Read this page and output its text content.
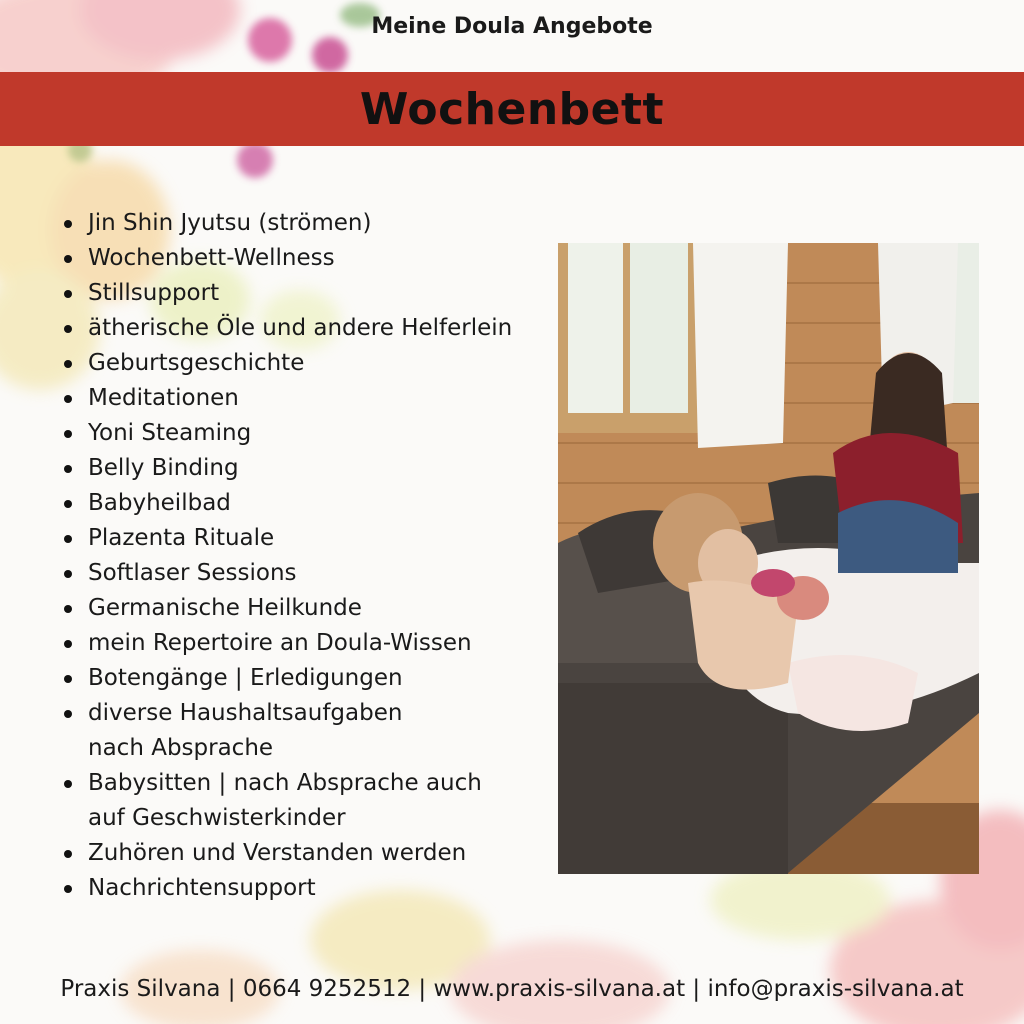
Meine Doula Angebote
Wochenbett
Jin Shin Jyutsu (strömen)
Wochenbett-Wellness
Stillsupport
ätherische Öle und andere Helferlein
Geburtsgeschichte
Meditationen
Yoni Steaming
Belly Binding
Babyheilbad
Plazenta Rituale
Softlaser Sessions
Germanische Heilkunde
mein Repertoire an Doula-Wissen
Botengänge | Erledigungen
diverse Haushaltsaufgaben nach Absprache
Babysitten | nach Absprache auch auf Geschwisterkinder
Zuhören und Verstanden werden
Nachrichtensupport
Praxis Silvana | 0664 9252512 | www.praxis-silvana.at | info@praxis-silvana.at
